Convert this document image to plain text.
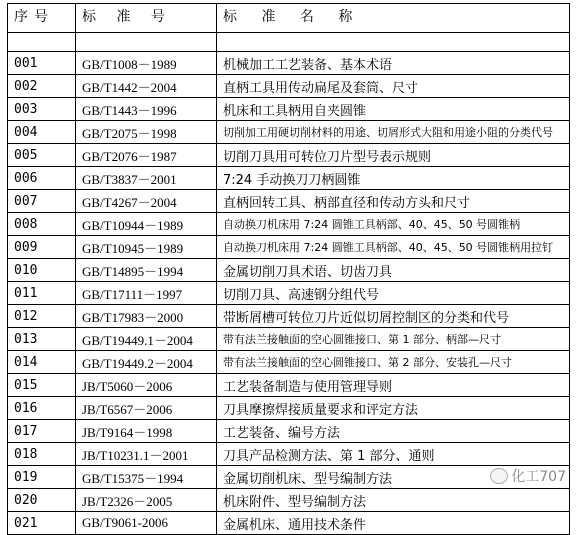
序号	标 准 号	标 准 名 称

001	GB/T1008－1989	机械加工工艺装备、基本术语
002	GB/T1442－2004	直柄工具用传动扁尾及套筒、尺寸
003	GB/T1443－1996	机床和工具柄用自夹圆锥
004	GB/T2075－1998	切削加工用硬切削材料的用途、切屑形式大阻和用途小阻的分类代号
005	GB/T2076－1987	切削刀具用可转位刀片型号表示规则
006	GB/T3837－2001	7:24 手动换刀刀柄圆锥
007	GB/T4267－2004	直柄回转工具、柄部直径和传动方头和尺寸
008	GB/T10944－1989	自动换刀机床用 7:24 圆锥工具柄部、40、45、50 号圆锥柄
009	GB/T10945－1989	自动换刀机床用 7:24 圆锥工具柄部、40、45、50 号圆锥柄用拉钉
010	GB/T14895－1994	金属切削刀具术语、切齿刀具
011	GB/T17111－1997	切削刀具、高速钢分组代号
012	GB/T17983－2000	带断屑槽可转位刀片近似切屑控制区的分类和代号
013	GB/T19449.1－2004	带有法兰接触面的空心圆锥接口、第 1 部分、柄部—尺寸
014	GB/T19449.2－2004	带有法兰接触面的空心圆锥接口、第 2 部分、安装孔—尺寸
015	JB/T5060－2006	工艺装备制造与使用管理导则
016	JB/T6567－2006	刀具摩擦焊接质量要求和评定方法
017	JB/T9164－1998	工艺装备、编号方法
018	JB/T10231.1－2001	刀具产品检测方法、第 1 部分、通则
019	GB/T15375－1994	金属切削机床、型号编制方法
020	JB/T2326－2005	机床附件、型号编制方法
021	GB/T9061-2006	金属机床、通用技术条件
化工707
